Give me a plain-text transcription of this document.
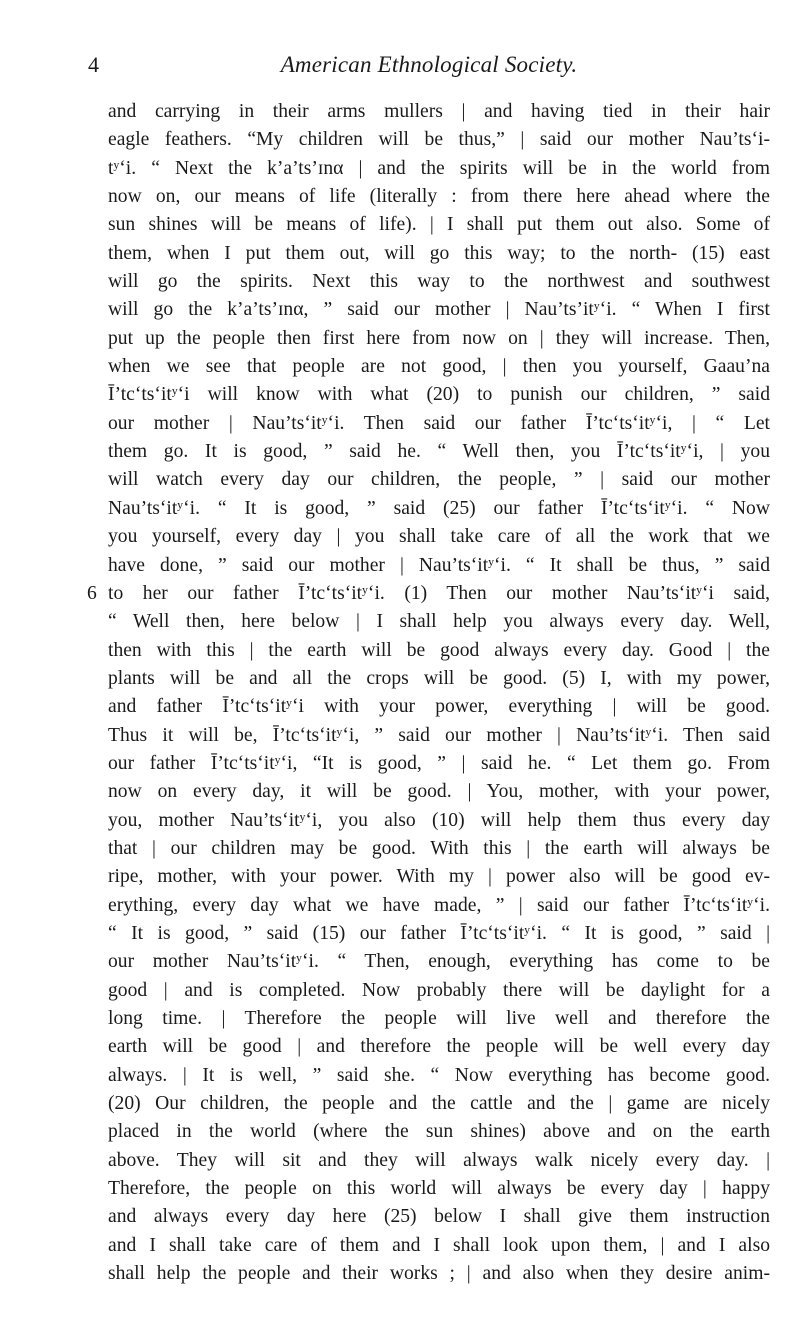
4	American Ethnological Society.
and carrying in their arms mullers | and having tied in their hair
eagle feathers. “My children will be thus,” | said our mother Nau’ts‘i-
tʸ‘i. “ Next the k’a’ts’ɪnα | and the spirits will be in the world from
now on, our means of life (literally : from there here ahead where the
sun shines will be means of life). | I shall put them out also. Some of
them, when I put them out, will go this way; to the north- (15) east
will go the spirits. Next this way to the northwest and southwest
will go the k’a’ts’ɪnα, ” said our mother | Nau’ts’itʸ‘i. “ When I first
put up the people then first here from now on | they will increase. Then,
when we see that people are not good, | then you yourself, Gaau’na
Ī’tc‘ts‘itʸ‘i will know with what (20) to punish our children, ” said
our mother | Nau’ts‘itʸ‘i. Then said our father Ī’tc‘ts‘itʸ‘i, | “ Let
them go. It is good, ” said he. “ Well then, you Ī’tc‘ts‘itʸ‘i, | you
will watch every day our children, the people, ” | said our mother
Nau’ts‘itʸ‘i. “ It is good, ” said (25) our father Ī’tc‘ts‘itʸ‘i. “ Now
you yourself, every day | you shall take care of all the work that we
have done, ” said our mother | Nau’ts‘itʸ‘i. “ It shall be thus, ” said
6 to her our father Ī’tc‘ts‘itʸ‘i. (1) Then our mother Nau’ts‘itʸ‘i said,
“ Well then, here below | I shall help you always every day. Well,
then with this | the earth will be good always every day. Good | the
plants will be and all the crops will be good. (5) I, with my power,
and father Ī’tc‘ts‘itʸ‘i with your power, everything | will be good.
Thus it will be, Ī’tc‘ts‘itʸ‘i, ” said our mother | Nau’ts‘itʸ‘i. Then said
our father Ī’tc‘ts‘itʸ‘i, “It is good, ” | said he. “ Let them go. From
now on every day, it will be good. | You, mother, with your power,
you, mother Nau’ts‘itʸ‘i, you also (10) will help them thus every day
that | our children may be good. With this | the earth will always be
ripe, mother, with your power. With my | power also will be good ev-
erything, every day what we have made, ” | said our father Ī’tc‘ts‘itʸ‘i.
“ It is good, ” said (15) our father Ī’tc‘ts‘itʸ‘i. “ It is good, ” said |
our mother Nau’ts‘itʸ‘i. “ Then, enough, everything has come to be
good | and is completed. Now probably there will be daylight for a
long time. | Therefore the people will live well and therefore the
earth will be good | and therefore the people will be well every day
always. | It is well, ” said she. “ Now everything has become good.
(20) Our children, the people and the cattle and the | game are nicely
placed in the world (where the sun shines) above and on the earth
above. They will sit and they will always walk nicely every day. |
Therefore, the people on this world will always be every day | happy
and always every day here (25) below I shall give them instruction
and I shall take care of them and I shall look upon them, | and I also
shall help the people and their works ; | and also when they desire anim-
